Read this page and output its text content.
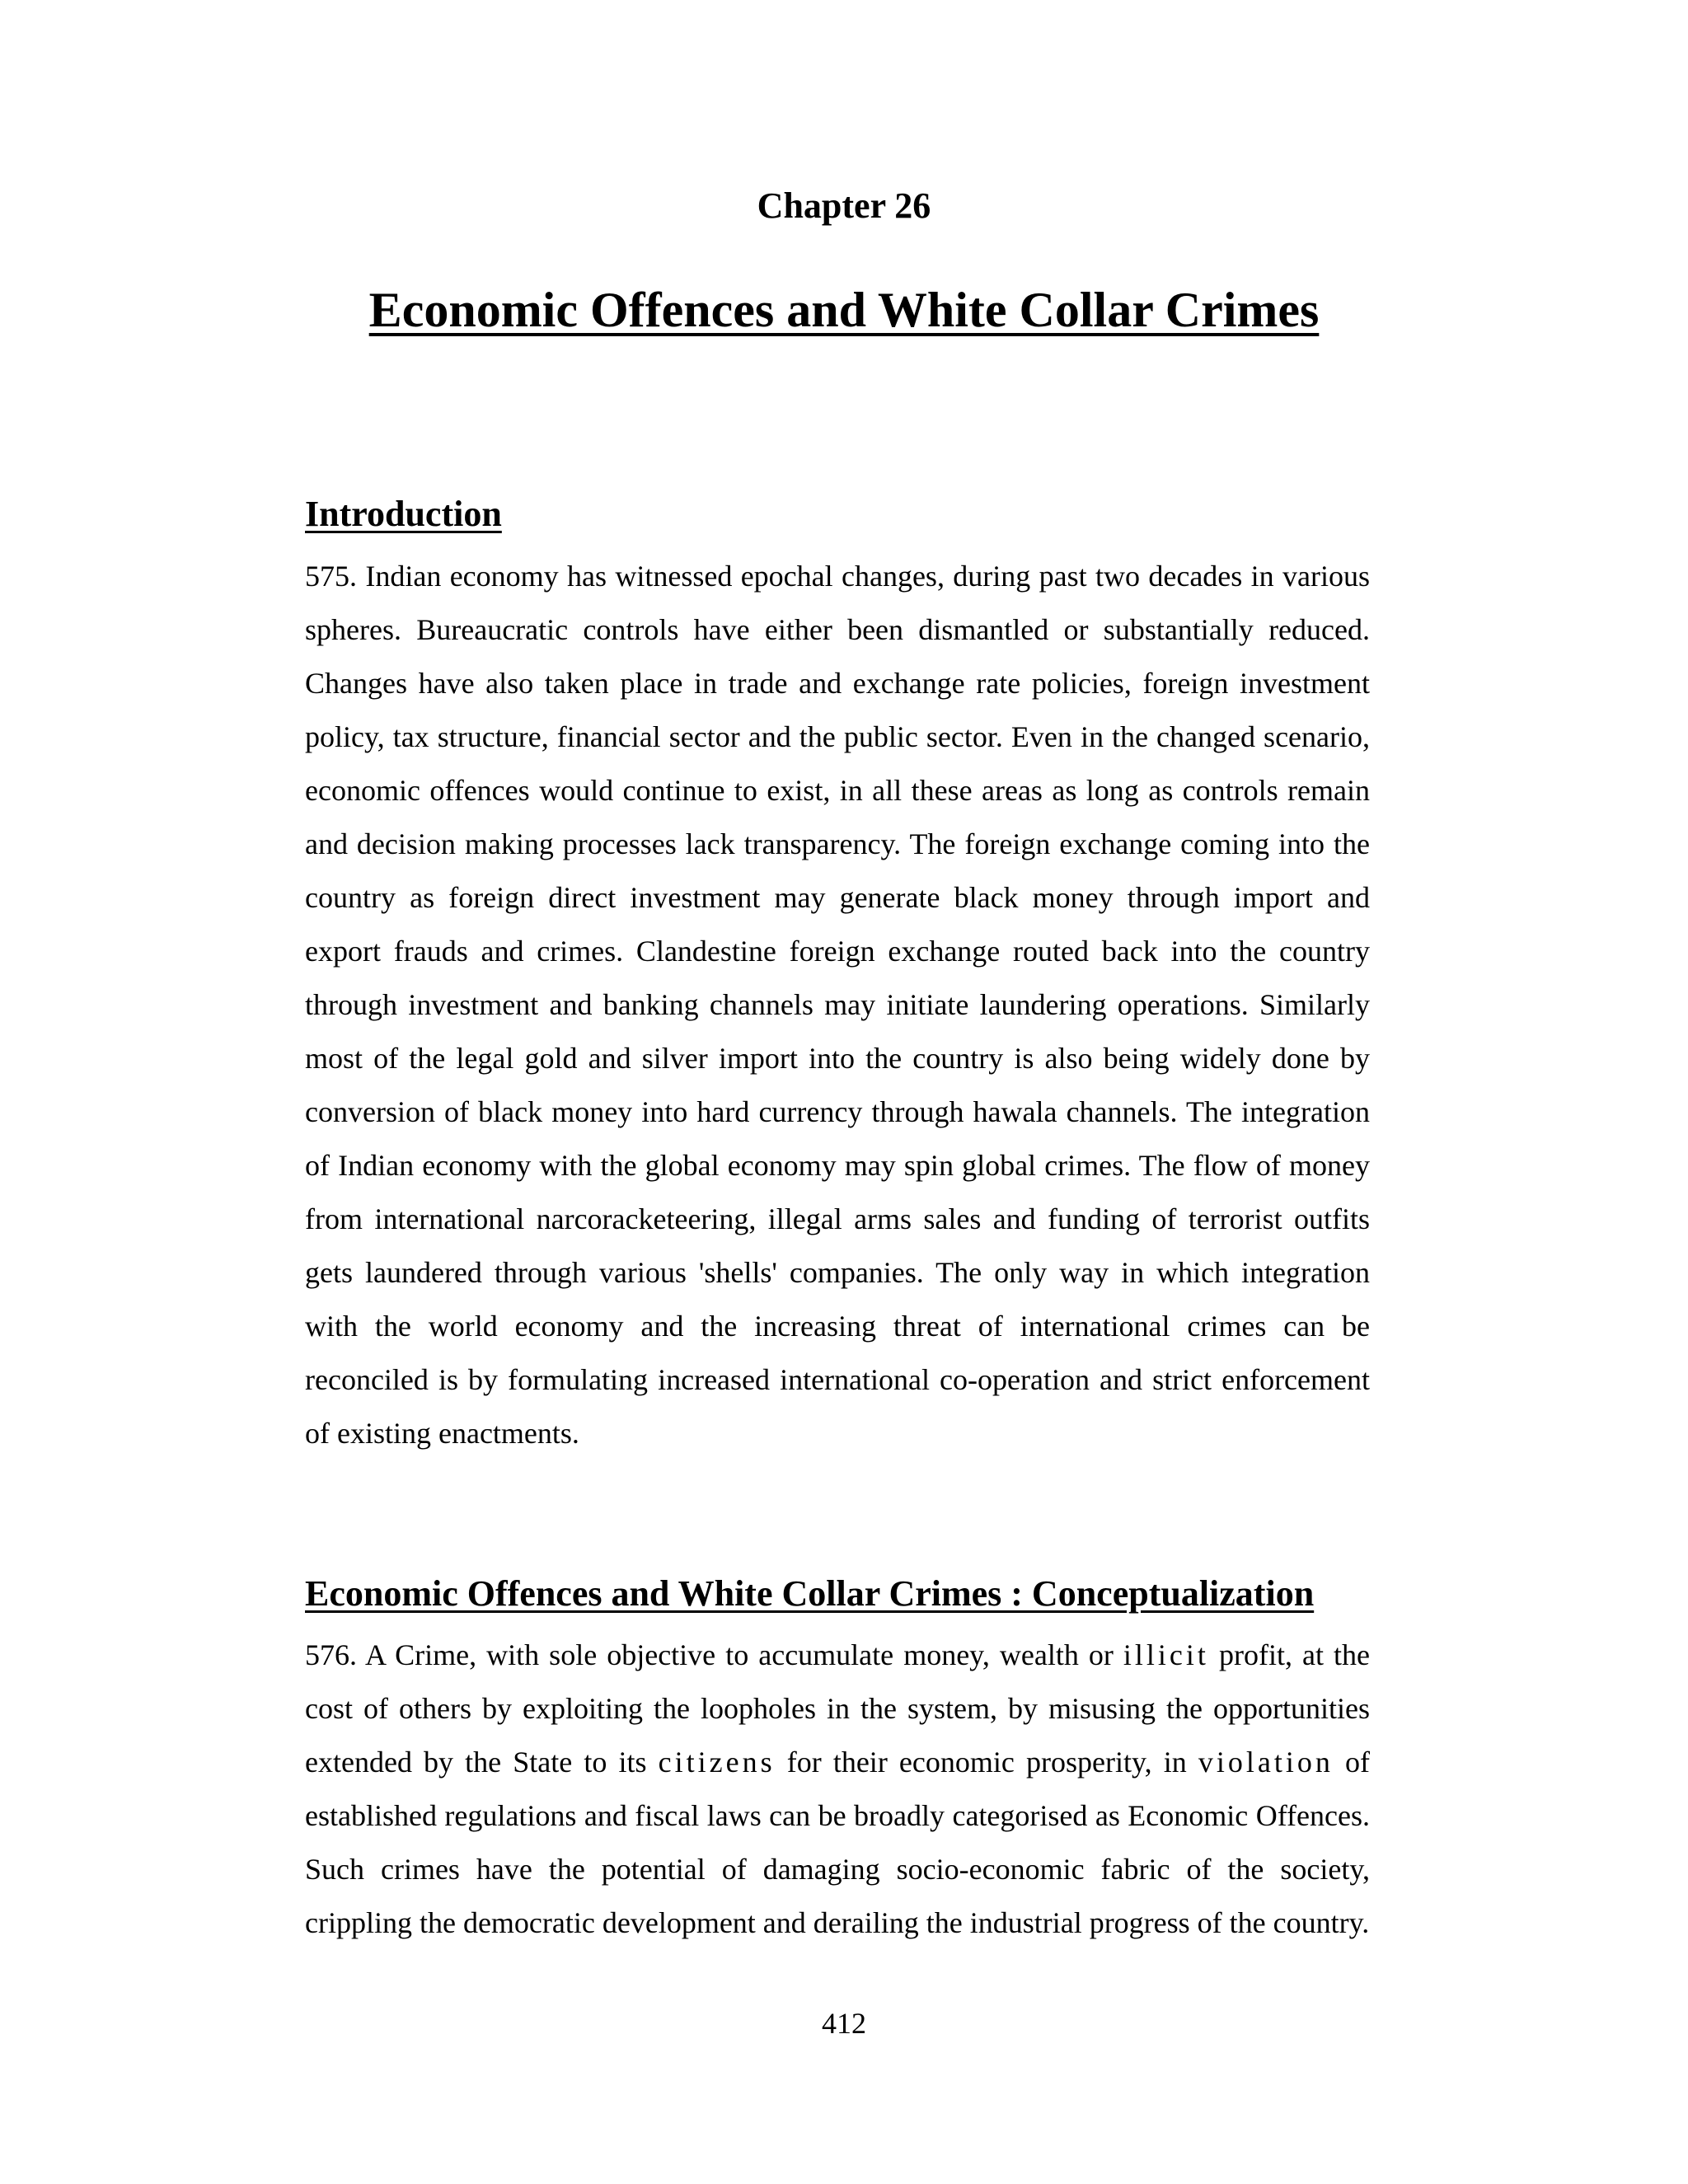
Chapter 26
Economic Offences and White Collar Crimes
Introduction

575. Indian economy has witnessed epochal changes, during past two decades in various spheres. Bureaucratic controls have either been dismantled or substantially reduced. Changes have also taken place in trade and exchange rate policies, foreign investment policy, tax structure, financial sector and the public sector. Even in the changed scenario, economic offences would continue to exist, in all these areas as long as controls remain and decision making processes lack transparency. The foreign exchange coming into the country as foreign direct investment may generate black money through import and export frauds and crimes. Clandestine foreign exchange routed back into the country through investment and banking channels may initiate laundering operations. Similarly most of the legal gold and silver import into the country is also being widely done by conversion of black money into hard currency through hawala channels. The integration of Indian economy with the global economy may spin global crimes. The flow of money from international narcoracketeering, illegal arms sales and funding of terrorist outfits gets laundered through various 'shells' companies. The only way in which integration with the world economy and the increasing threat of international crimes can be reconciled is by formulating increased international co-operation and strict enforcement of existing enactments.

Economic Offences and White Collar Crimes : Conceptualization

576. A Crime, with sole objective to accumulate money, wealth or illicit profit, at the cost of others by exploiting the loopholes in the system, by misusing the opportunities extended by the State to its citizens for their economic prosperity, in violation of established regulations and fiscal laws can be broadly categorised as Economic Offences. Such crimes have the potential of damaging socio-economic fabric of the society, crippling the democratic development and derailing the industrial progress of the country.

412
